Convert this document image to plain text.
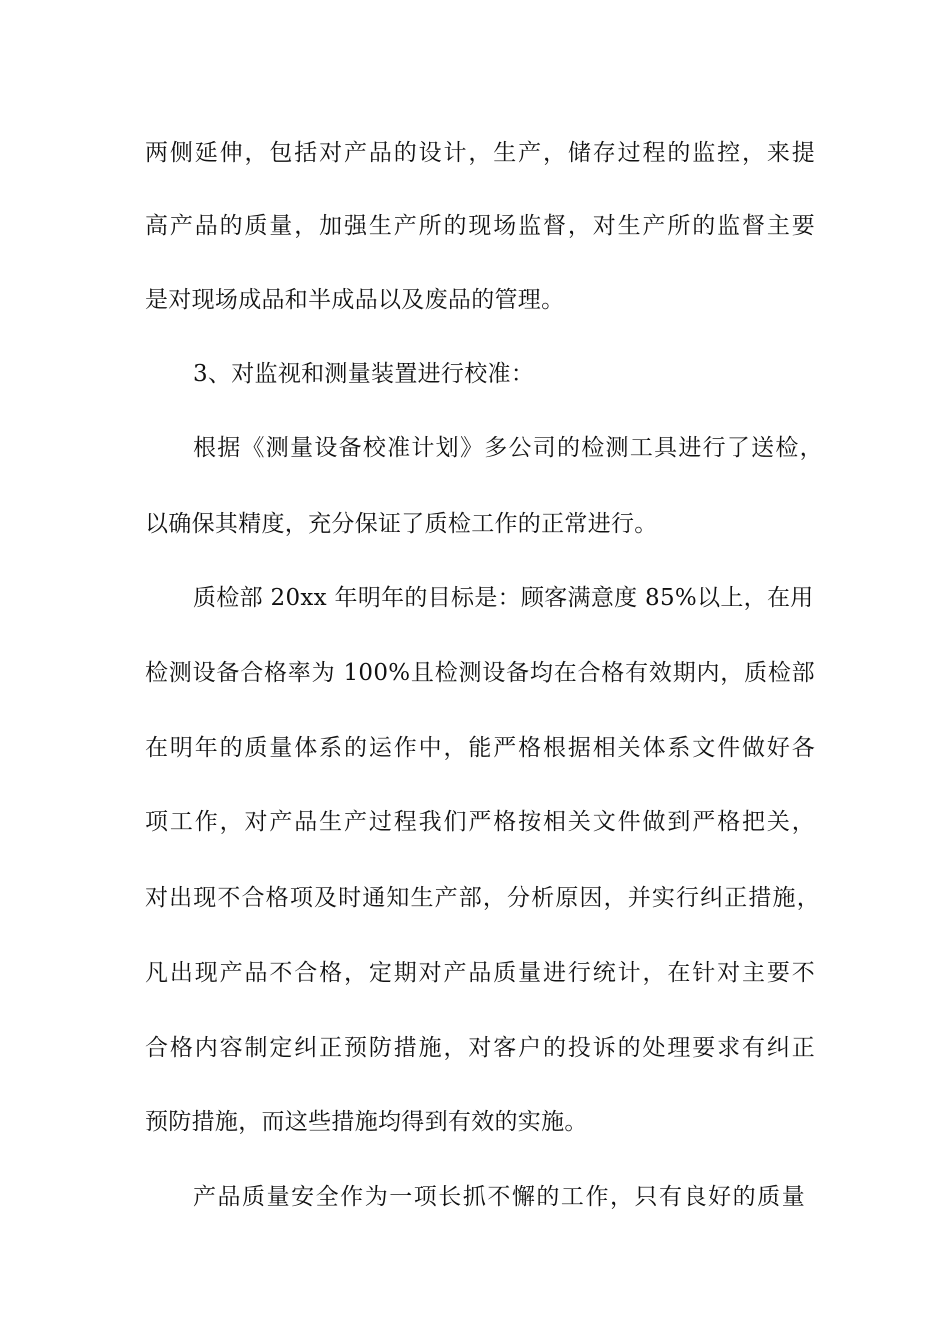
两侧延伸，包括对产品的设计，生产，储存过程的监控，来提
高产品的质量，加强生产所的现场监督，对生产所的监督主要
是对现场成品和半成品以及废品的管理。
3、对监视和测量装置进行校准：
根据《测量设备校准计划》多公司的检测工具进行了送检，
以确保其精度，充分保证了质检工作的正常进行。
质检部 20xx 年明年的目标是：顾客满意度 85%以上，在用
检测设备合格率为 100%且检测设备均在合格有效期内，质检部
在明年的质量体系的运作中，能严格根据相关体系文件做好各
项工作，对产品生产过程我们严格按相关文件做到严格把关，
对出现不合格项及时通知生产部，分析原因，并实行纠正措施，
凡出现产品不合格，定期对产品质量进行统计，在针对主要不
合格内容制定纠正预防措施，对客户的投诉的处理要求有纠正
预防措施，而这些措施均得到有效的实施。
产品质量安全作为一项长抓不懈的工作，只有良好的质量
